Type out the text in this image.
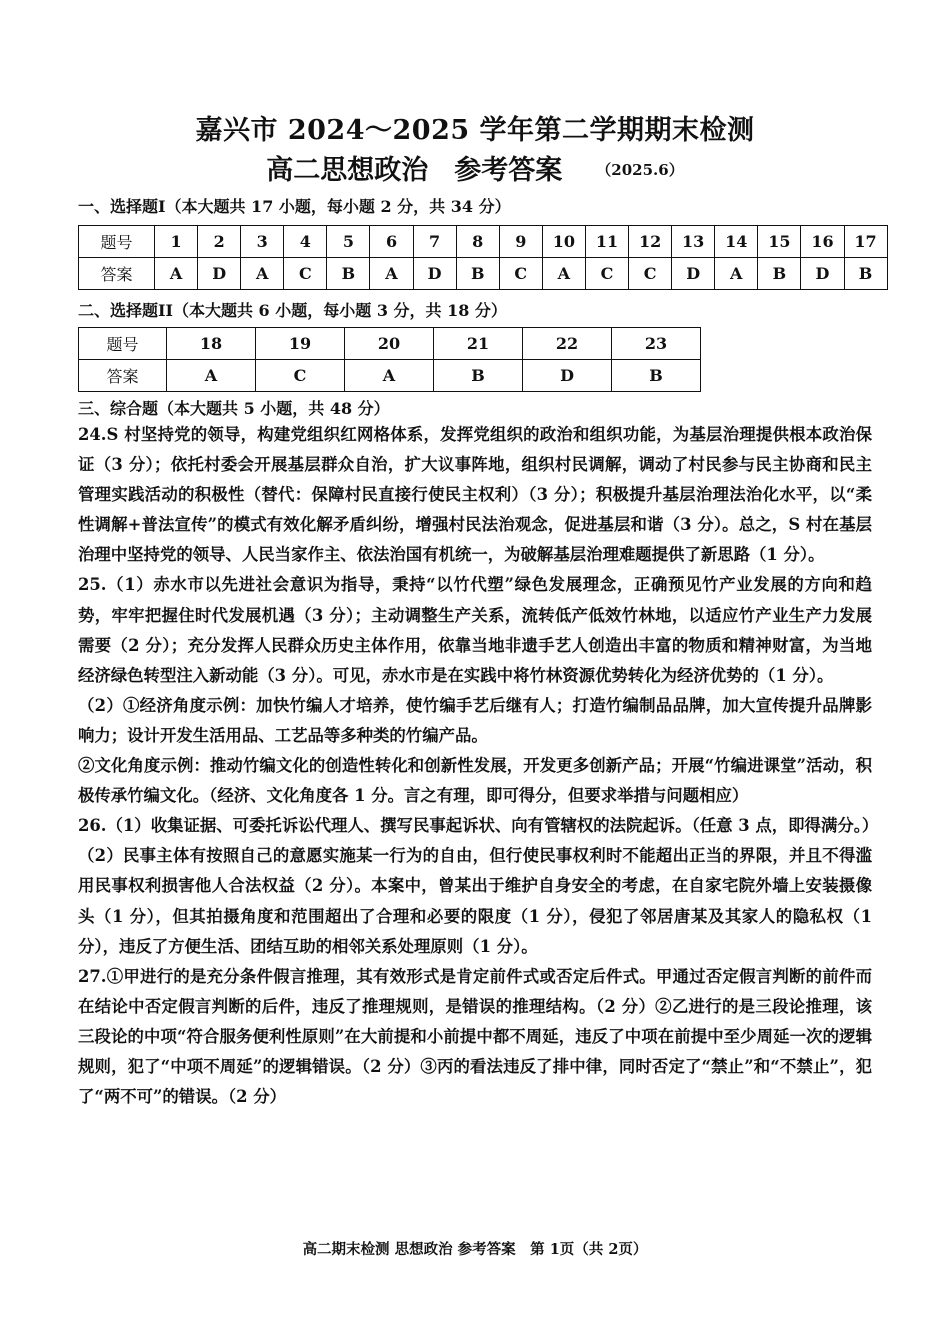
嘉兴市 2024～2025 学年第二学期期末检测
高二思想政治 参考答案 （2025.6）
一、选择题I（本大题共 17 小题，每小题 2 分，共 34 分）
题号	1	2	3	4	5	6	7	8	9	10	11	12	13	14	15	16	17
答案	A	D	A	C	B	A	D	B	C	A	C	C	D	A	B	D	B
二、选择题II（本大题共 6 小题，每小题 3 分，共 18 分）
题号	18	19	20	21	22	23
答案	A	C	A	B	D	B
三、综合题（本大题共 5 小题，共 48 分）

24.S 村坚持党的领导，构建党组织红网格体系，发挥党组织的政治和组织功能，为基层治理提供根本政治保证（3 分）；依托村委会开展基层群众自治，扩大议事阵地，组织村民调解，调动了村民参与民主协商和民主管理实践活动的积极性（替代：保障村民直接行使民主权利）（3 分）；积极提升基层治理法治化水平，以“柔性调解+普法宣传”的模式有效化解矛盾纠纷，增强村民法治观念，促进基层和谐（3 分）。总之，S 村在基层治理中坚持党的领导、人民当家作主、依法治国有机统一，为破解基层治理难题提供了新思路（1 分）。

25.（1）赤水市以先进社会意识为指导，秉持“以竹代塑”绿色发展理念，正确预见竹产业发展的方向和趋势，牢牢把握住时代发展机遇（3 分）；主动调整生产关系，流转低产低效竹林地，以适应竹产业生产力发展需要（2 分）；充分发挥人民群众历史主体作用，依靠当地非遗手艺人创造出丰富的物质和精神财富，为当地经济绿色转型注入新动能（3 分）。可见，赤水市是在实践中将竹林资源优势转化为经济优势的（1 分）。

（2）①经济角度示例：加快竹编人才培养，使竹编手艺后继有人；打造竹编制品品牌，加大宣传提升品牌影响力；设计开发生活用品、工艺品等多种类的竹编产品。

②文化角度示例：推动竹编文化的创造性转化和创新性发展，开发更多创新产品；开展“竹编进课堂”活动，积极传承竹编文化。（经济、文化角度各 1 分。言之有理，即可得分，但要求举措与问题相应）

26.（1）收集证据、可委托诉讼代理人、撰写民事起诉状、向有管辖权的法院起诉。（任意 3 点，即得满分。）

（2）民事主体有按照自己的意愿实施某一行为的自由，但行使民事权利时不能超出正当的界限，并且不得滥用民事权利损害他人合法权益（2 分）。本案中，曾某出于维护自身安全的考虑，在自家宅院外墙上安装摄像头（1 分），但其拍摄角度和范围超出了合理和必要的限度（1 分），侵犯了邻居唐某及其家人的隐私权（1 分），违反了方便生活、团结互助的相邻关系处理原则（1 分）。

27.①甲进行的是充分条件假言推理，其有效形式是肯定前件式或否定后件式。甲通过否定假言判断的前件而在结论中否定假言判断的后件，违反了推理规则，是错误的推理结构。（2 分）②乙进行的是三段论推理，该三段论的中项“符合服务便利性原则”在大前提和小前提中都不周延，违反了中项在前提中至少周延一次的逻辑规则，犯了“中项不周延”的逻辑错误。（2 分）③丙的看法违反了排中律，同时否定了“禁止”和“不禁止”，犯了“两不可”的错误。（2 分）

高二期末检测 思想政治 参考答案　第 1页（共 2页）
